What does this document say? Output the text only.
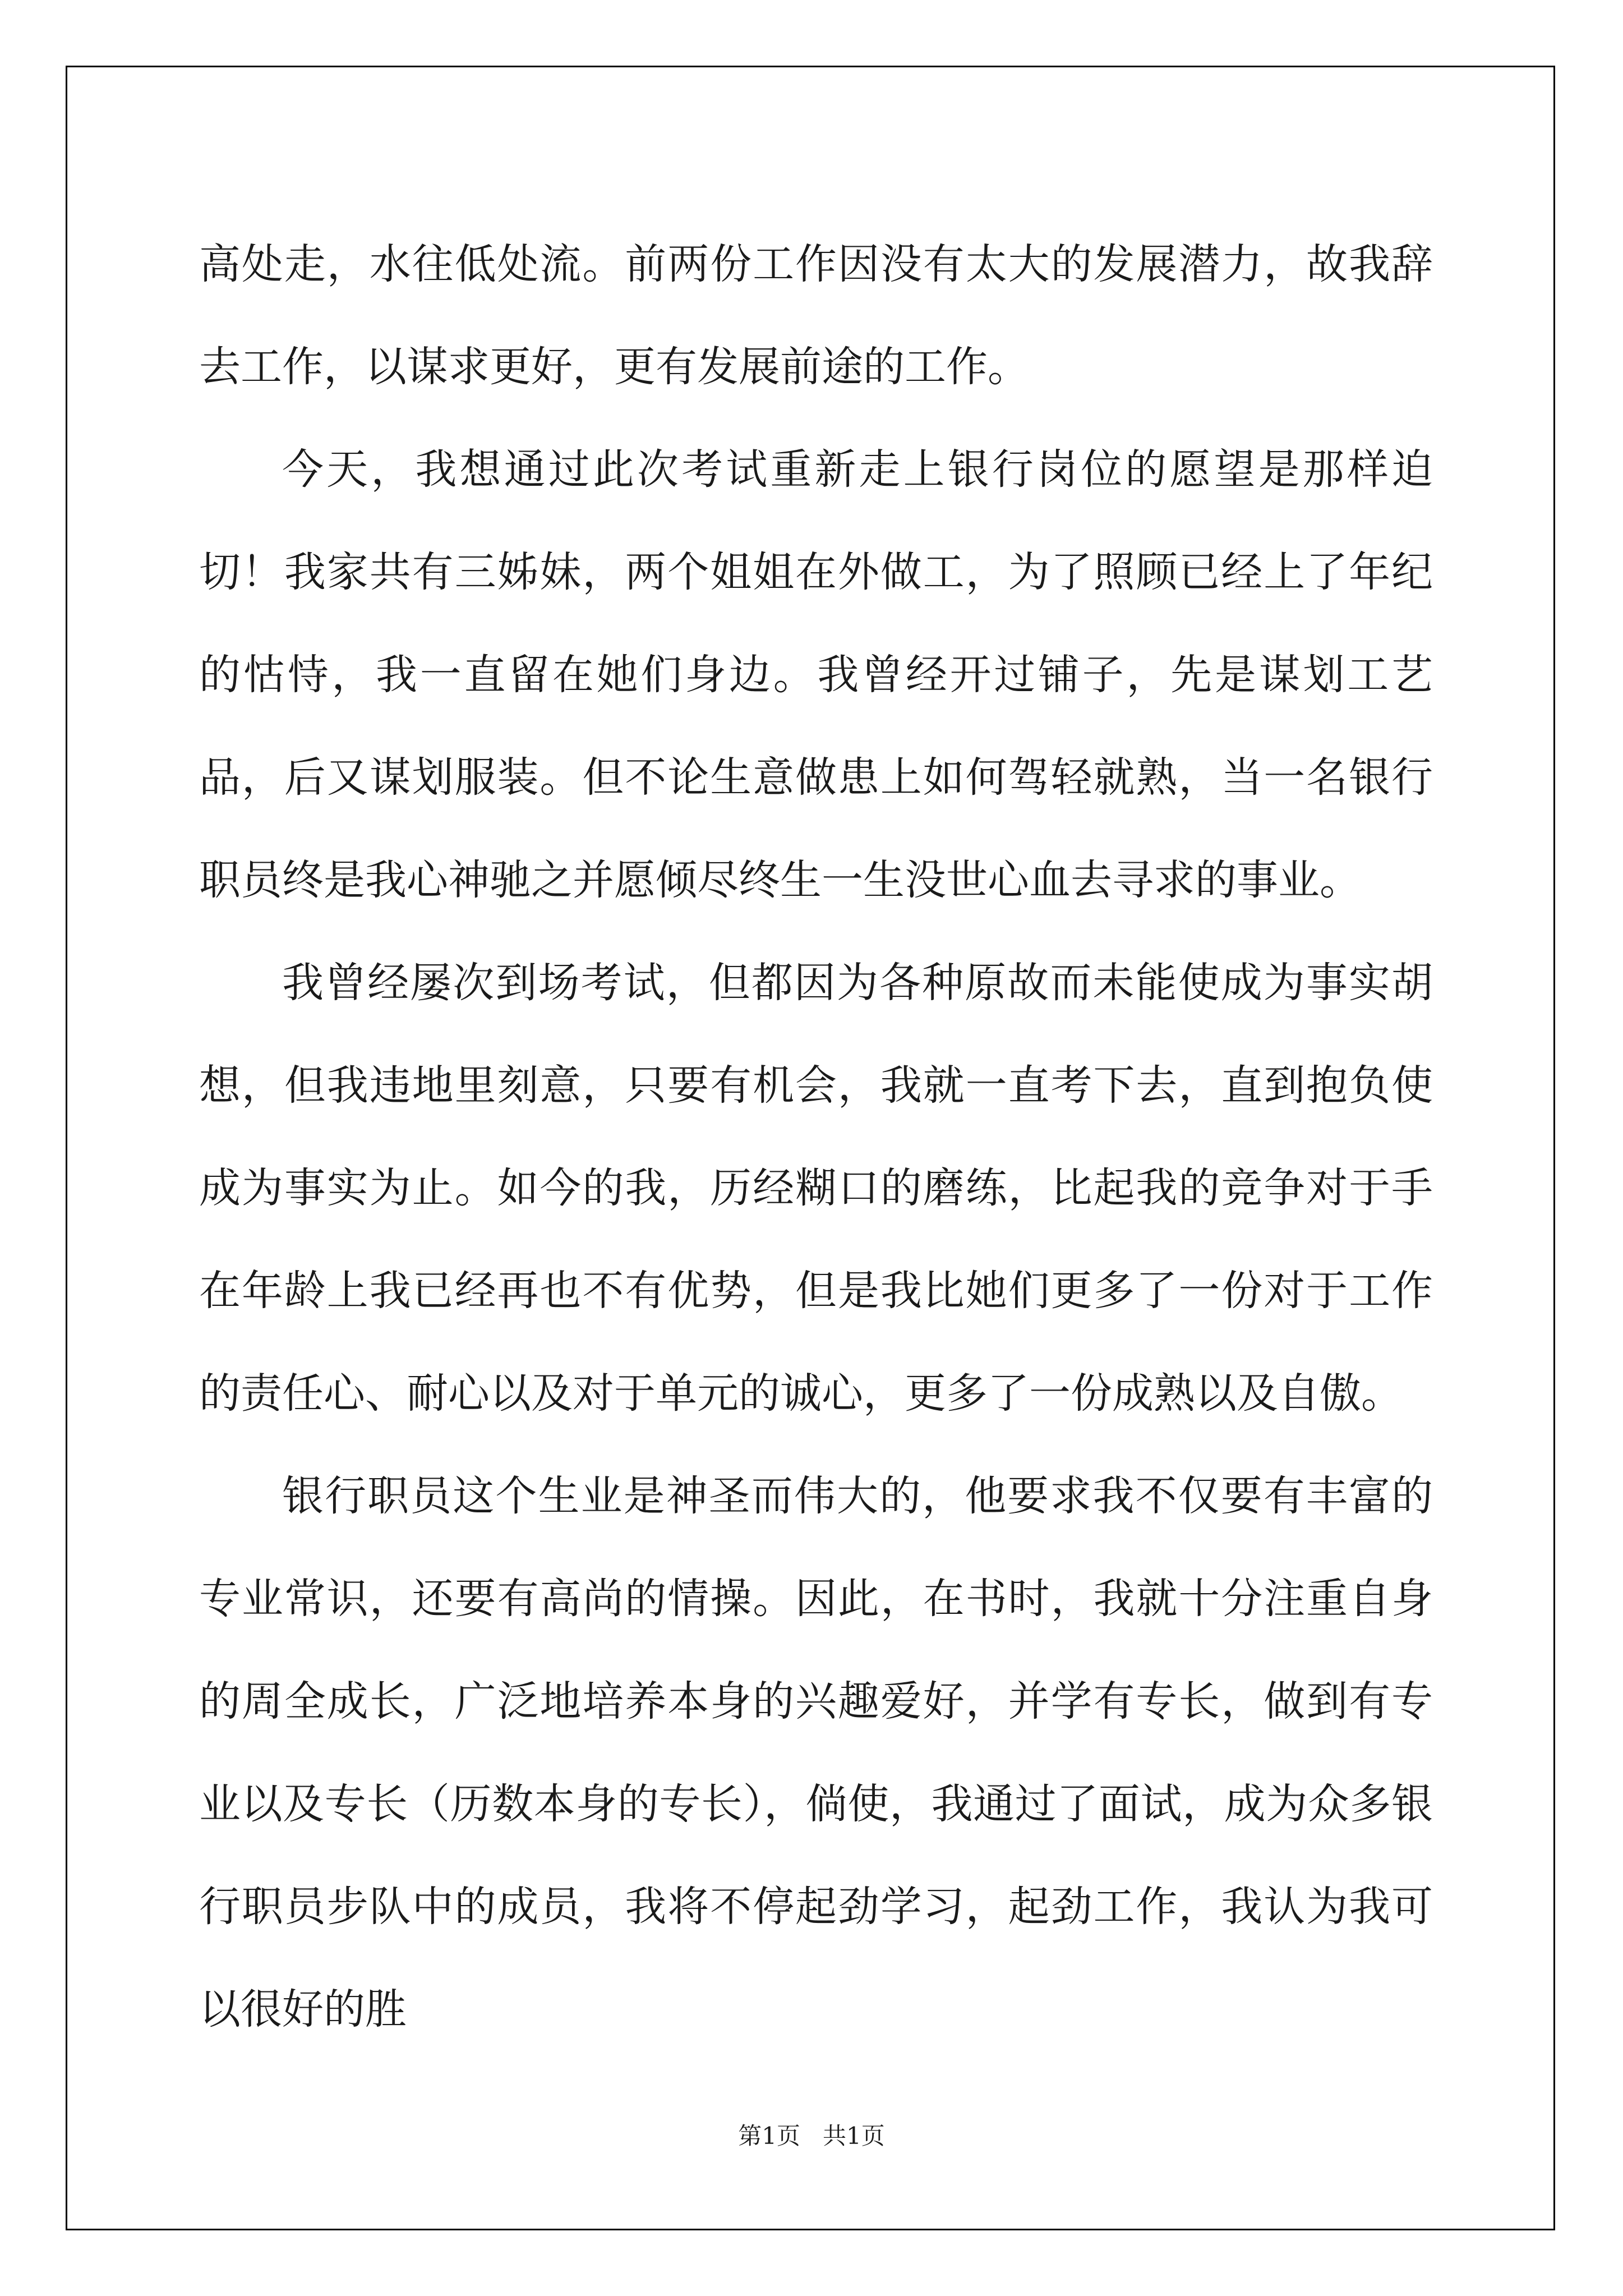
高处走，水往低处流。前两份工作因没有太大的发展潜力，故我辞去工作，以谋求更好，更有发展前途的工作。

今天，我想通过此次考试重新走上银行岗位的愿望是那样迫切！我家共有三姊妹，两个姐姐在外做工，为了照顾已经上了年纪的怙恃，我一直留在她们身边。我曾经开过铺子，先是谋划工艺品，后又谋划服装。但不论生意做患上如何驾轻就熟，当一名银行职员终是我心神驰之并愿倾尽终生一生没世心血去寻求的事业。

我曾经屡次到场考试，但都因为各种原故而未能使成为事实胡想，但我违地里刻意，只要有机会，我就一直考下去，直到抱负使成为事实为止。如今的我，历经糊口的磨练，比起我的竞争对于手在年龄上我已经再也不有优势，但是我比她们更多了一份对于工作的责任心、耐心以及对于单元的诚心，更多了一份成熟以及自傲。

银行职员这个生业是神圣而伟大的，他要求我不仅要有丰富的专业常识，还要有高尚的情操。因此，在书时，我就十分注重自身的周全成长，广泛地培养本身的兴趣爱好，并学有专长，做到有专业以及专长（历数本身的专长），倘使，我通过了面试，成为众多银行职员步队中的成员，我将不停起劲学习，起劲工作，我认为我可以很好的胜

第1页   共1页
